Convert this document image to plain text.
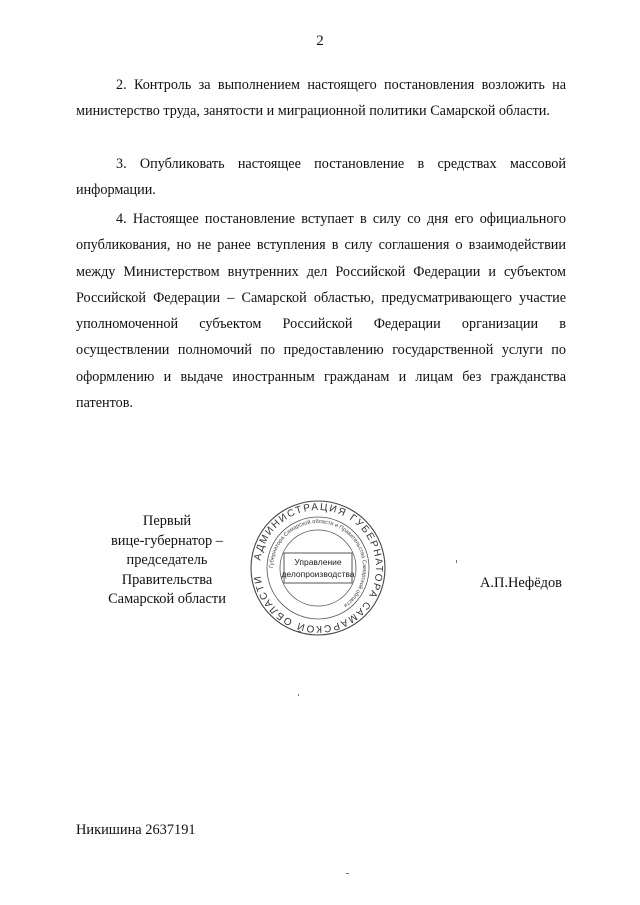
2

2. Контроль за выполнением настоящего постановления возложить на министерство труда, занятости и миграционной политики Самарской области.

3. Опубликовать настоящее постановление в средствах массовой информации.

4. Настоящее постановление вступает в силу со дня его официального опубликования, но не ранее вступления в силу соглашения о взаимодействии между Министерством внутренних дел Российской Федерации и субъектом Российской Федерации – Самарской областью, предусматривающего участие уполномоченной субъектом Российской Федерации организации в осуществлении полномочий по предоставлению государственной услуги по оформлению и выдаче иностранным гражданам и лицам без гражданства патентов.

Первый
вице-губернатор –
председатель Правительства
Самарской области
АДМИНИСТРАЦИЯ ГУБЕРНАТОРА САМАРСКОЙ ОБЛАСТИ
Губернатора Самарской области и Правительства Самарской области
Управление
делопроизводства
А.П.Нефёдов
Никишина 2637191
